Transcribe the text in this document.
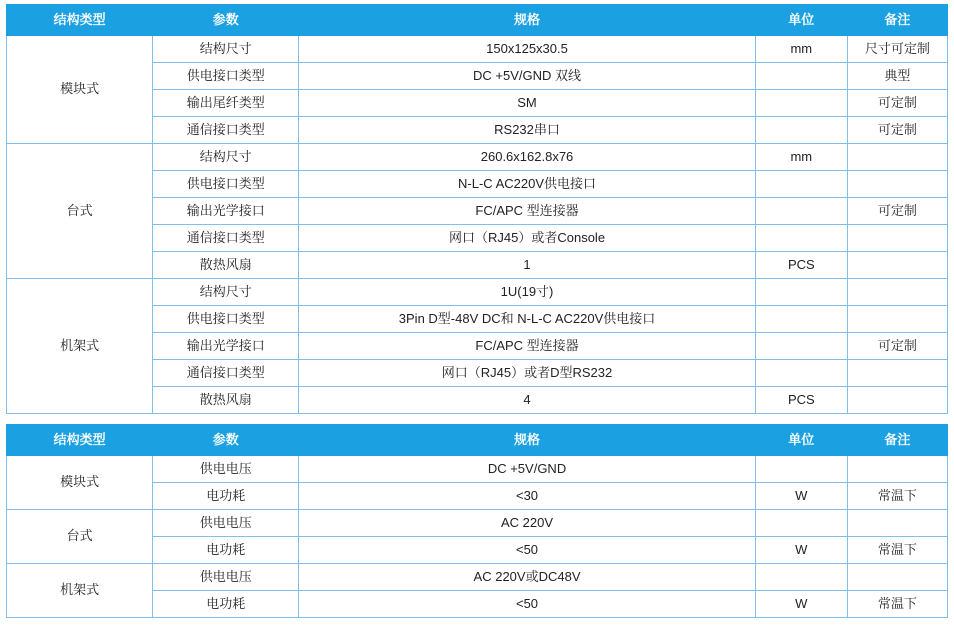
结构类型	参数	规格	单位	备注
模块式	结构尺寸	150x125x30.5	mm	尺寸可定制
	供电接口类型	DC +5V/GND 双线		典型
	输出尾纤类型	SM		可定制
	通信接口类型	RS232串口		可定制
台式	结构尺寸	260.6x162.8x76	mm	
	供电接口类型	N-L-C AC220V供电接口		
	输出光学接口	FC/APC 型连接器		可定制
	通信接口类型	网口（RJ45）或者Console		
	散热风扇	1	PCS	
机架式	结构尺寸	1U(19寸)		
	供电接口类型	3Pin D型-48V DC和 N-L-C AC220V供电接口		
	输出光学接口	FC/APC 型连接器		可定制
	通信接口类型	网口（RJ45）或者D型RS232		
	散热风扇	4	PCS	
结构类型	参数	规格	单位	备注
模块式	供电电压	DC +5V/GND		
	电功耗	<30	W	常温下
台式	供电电压	AC 220V		
	电功耗	<50	W	常温下
机架式	供电电压	AC 220V或DC48V		
	电功耗	<50	W	常温下
